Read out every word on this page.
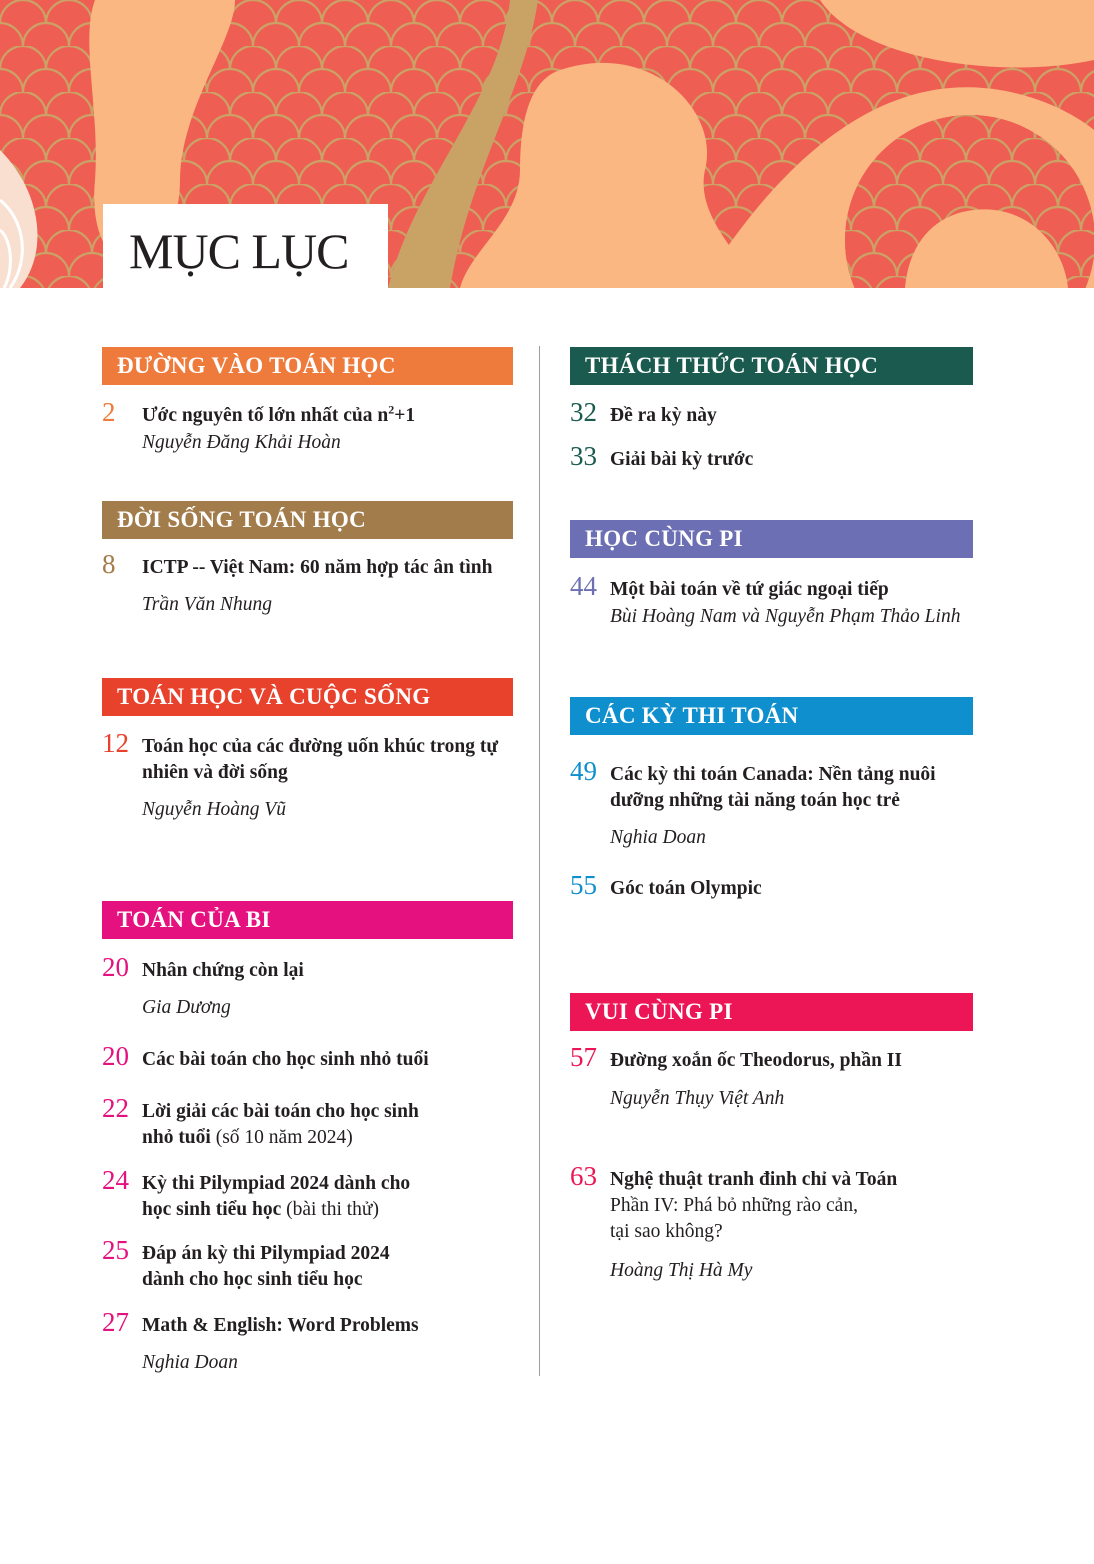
MỤC LỤC
ĐƯỜNG VÀO TOÁN HỌC
2 Ước nguyên tố lớn nhất của $n^2+1$
Nguyễn Đăng Khải Hoàn
ĐỜI SỐNG TOÁN HỌC
8 ICTP -- Việt Nam: 60 năm hợp tác ân tình
Trần Văn Nhung
TOÁN HỌC VÀ CUỘC SỐNG
12 Toán học của các đường uốn khúc trong tự
nhiên và đời sống
Nguyễn Hoàng Vũ
TOÁN CỦA BI
20 Nhân chứng còn lại
Gia Dương
20 Các bài toán cho học sinh nhỏ tuổi
22 Lời giải các bài toán cho học sinh
nhỏ tuổi (số 10 năm 2024)
24 Kỳ thi Pilympiad 2024 dành cho
học sinh tiểu học (bài thi thử)
25 Đáp án kỳ thi Pilympiad 2024
dành cho học sinh tiểu học
27 Math & English: Word Problems
Nghia Doan
THÁCH THỨC TOÁN HỌC
32 Đề ra kỳ này
33 Giải bài kỳ trước
HỌC CÙNG PI
44 Một bài toán về tứ giác ngoại tiếp
Bùi Hoàng Nam và Nguyễn Phạm Thảo Linh
CÁC KỲ THI TOÁN
49 Các kỳ thi toán Canada: Nền tảng nuôi
dưỡng những tài năng toán học trẻ
Nghia Doan
55 Góc toán Olympic
VUI CÙNG PI
57 Đường xoắn ốc Theodorus, phần II
Nguyễn Thụy Việt Anh
63 Nghệ thuật tranh đinh chỉ và Toán
Phần IV: Phá bỏ những rào cản,
tại sao không?
Hoàng Thị Hà My
